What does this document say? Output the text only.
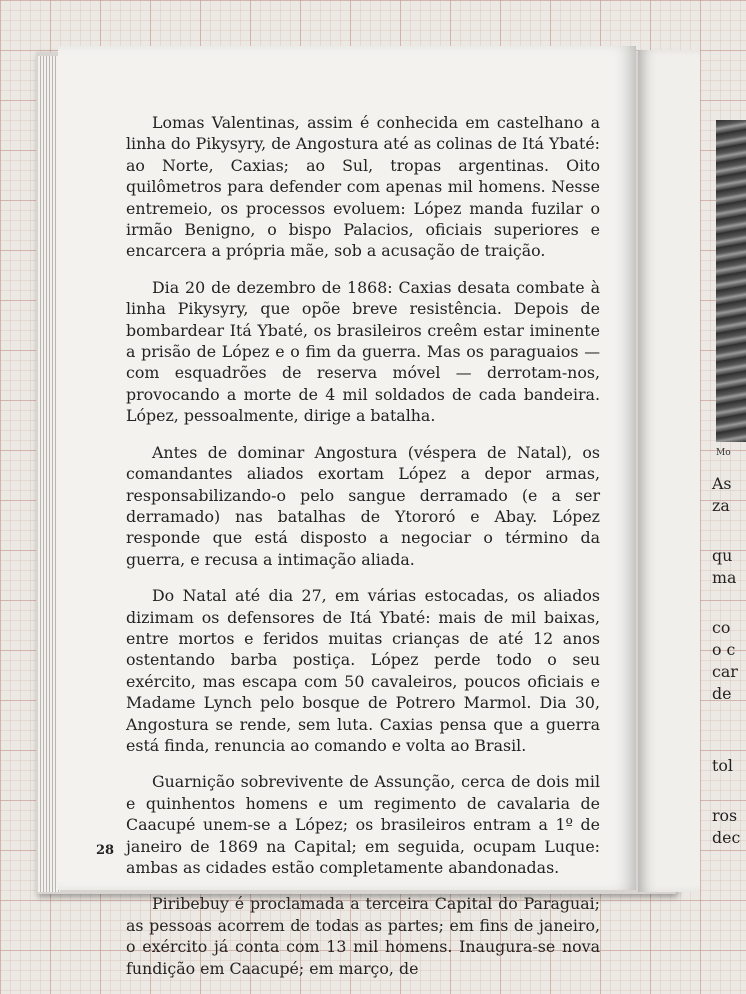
Lomas Valentinas, assim é conhecida em castelhano a linha do Pikysyry, de Angostura até as colinas de Itá Ybaté: ao Norte, Caxias; ao Sul, tropas argentinas. Oito quilômetros para defender com apenas mil homens. Nesse entremeio, os processos evoluem: López manda fuzilar o irmão Benigno, o bispo Palacios, oficiais superiores e encarcera a própria mãe, sob a acusação de traição.

Dia 20 de dezembro de 1868: Caxias desata combate à linha Pikysyry, que opõe breve resistência. Depois de bombardear Itá Ybaté, os brasileiros creêm estar iminente a prisão de López e o fim da guerra. Mas os paraguaios — com esquadrões de reserva móvel — derrotam-nos, provocando a morte de 4 mil soldados de cada bandeira. López, pessoalmente, dirige a batalha.

Antes de dominar Angostura (véspera de Natal), os comandantes aliados exortam López a depor armas, responsabilizando-o pelo sangue derramado (e a ser derramado) nas batalhas de Ytororó e Abay. López responde que está disposto a negociar o término da guerra, e recusa a intimação aliada.

Do Natal até dia 27, em várias estocadas, os aliados dizimam os defensores de Itá Ybaté: mais de mil baixas, entre mortos e feridos muitas crianças de até 12 anos ostentando barba postiça. López perde todo o seu exército, mas escapa com 50 cavaleiros, poucos oficiais e Madame Lynch pelo bosque de Potrero Marmol. Dia 30, Angostura se rende, sem luta. Caxias pensa que a guerra está finda, renuncia ao comando e volta ao Brasil.

Guarnição sobrevivente de Assunção, cerca de dois mil e quinhentos homens e um regimento de cavalaria de Caacupé unem-se a López; os brasileiros entram a 1º de janeiro de 1869 na Capital; em seguida, ocupam Luque: ambas as cidades estão completamente abandonadas.

Piribebuy é proclamada a terceira Capital do Paraguai; as pessoas acorrem de todas as partes; em fins de janeiro, o exército já conta com 13 mil homens. Inaugura-se nova fundição em Caacupé; em março, de

28
Mo
As
za
qu
ma
co
o c
car
de
tol
ros
dec
